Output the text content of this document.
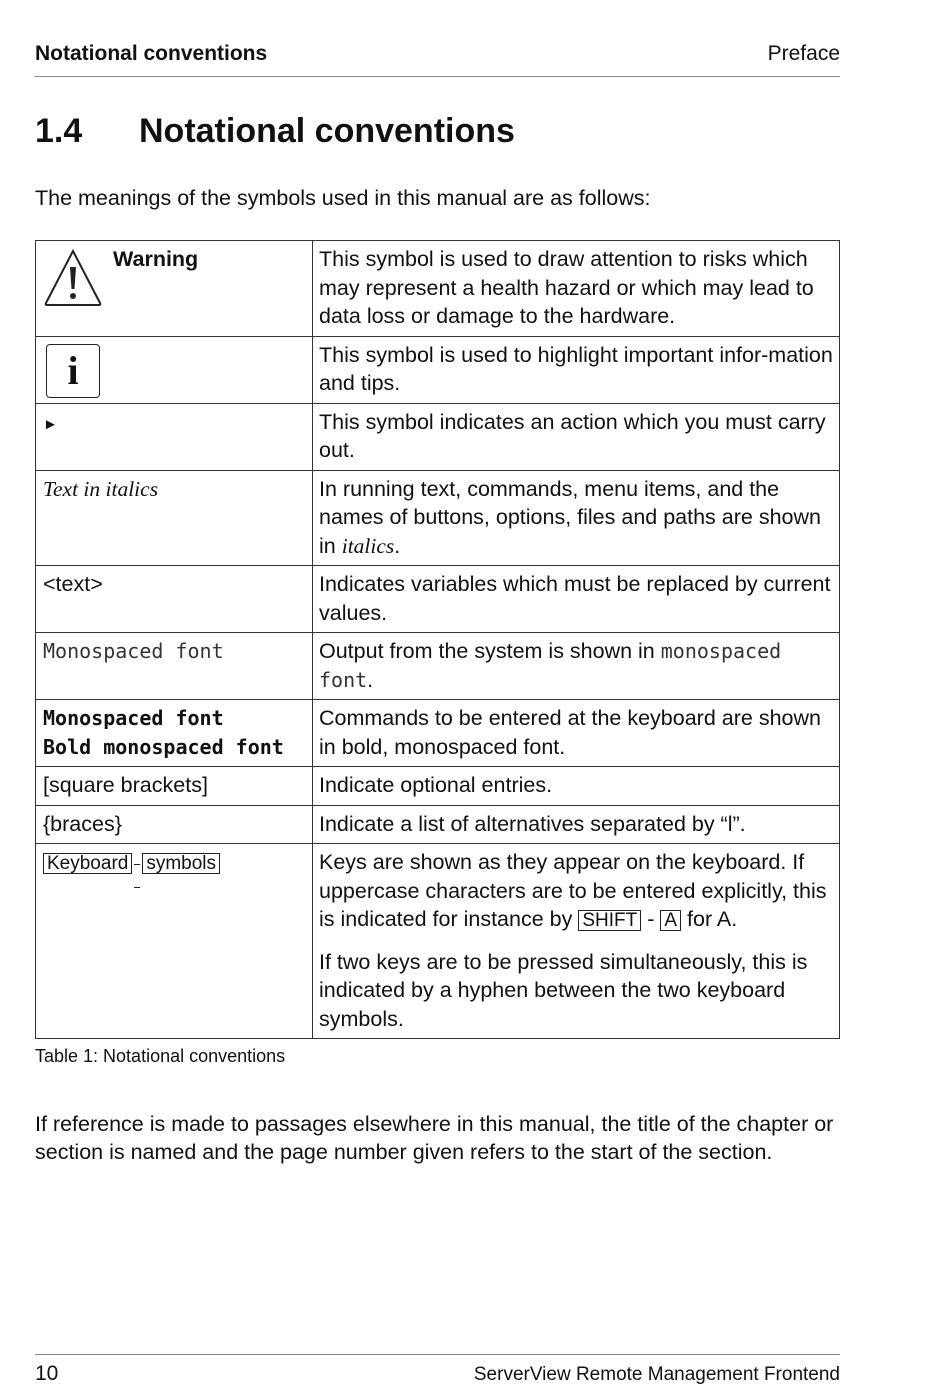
Notational conventions	Preface
1.4 Notational conventions
The meanings of the symbols used in this manual are as follows:
Warning	This symbol is used to draw attention to risks which may represent a health hazard or which may lead to data loss or damage to the hardware.

i	This symbol is used to highlight important infor-mation and tips.
►	This symbol indicates an action which you must carry out.
Text in italics	In running text, commands, menu items, and the names of buttons, options, files and paths are shown in italics.
<text>	Indicates variables which must be replaced by current values.
Monospaced font	Output from the system is shown in monospaced font.

Monospaced font
Bold monospaced font	Commands to be entered at the keyboard are shown in bold, monospaced font.
[square brackets]	Indicate optional entries.
{braces}	Indicate a list of alternatives separated by “l”.
Keyboard symbols	Keys are shown as they appear on the keyboard. If uppercase characters are to be entered explicitly, this is indicated for instance by SHIFT - A for A.
If two keys are to be pressed simultaneously, this is indicated by a hyphen between the two keyboard symbols.
Table 1: Notational conventions
If reference is made to passages elsewhere in this manual, the title of the chapter or section is named and the page number given refers to the start of the section.
10	ServerView Remote Management Frontend
